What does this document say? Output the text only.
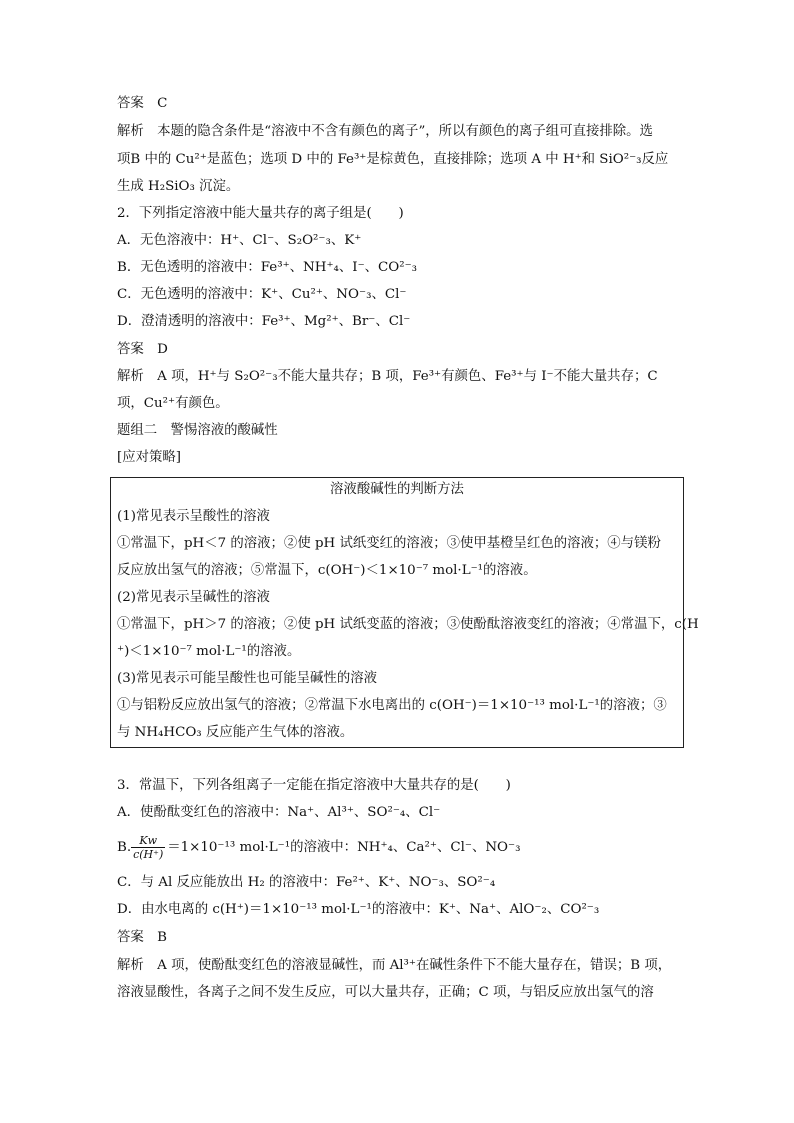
答案　C
解析　本题的隐含条件是“溶液中不含有颜色的离子”，所以有颜色的离子组可直接排除。选
项B 中的 Cu²⁺是蓝色；选项 D 中的 Fe³⁺是棕黄色，直接排除；选项 A 中 H⁺和 SiO²⁻₃反应
生成 H₂SiO₃ 沉淀。
2．下列指定溶液中能大量共存的离子组是(　　)
A．无色溶液中：H⁺、Cl⁻、S₂O²⁻₃、K⁺
B．无色透明的溶液中：Fe³⁺、NH⁺₄、I⁻、CO²⁻₃
C．无色透明的溶液中：K⁺、Cu²⁺、NO⁻₃、Cl⁻
D．澄清透明的溶液中：Fe³⁺、Mg²⁺、Br⁻、Cl⁻
答案　D
解析　A 项，H⁺与 S₂O²⁻₃不能大量共存；B 项，Fe³⁺有颜色、Fe³⁺与 I⁻不能大量共存；C
项，Cu²⁺有颜色。
题组二　警惕溶液的酸碱性
[应对策略]
溶液酸碱性的判断方法
(1)常见表示呈酸性的溶液
①常温下，pH＜7 的溶液；②使 pH 试纸变红的溶液；③使甲基橙呈红色的溶液；④与镁粉
反应放出氢气的溶液；⑤常温下，c(OH⁻)＜1×10⁻⁷ mol·L⁻¹的溶液。
(2)常见表示呈碱性的溶液
①常温下，pH＞7 的溶液；②使 pH 试纸变蓝的溶液；③使酚酞溶液变红的溶液；④常温下，c(H
⁺)＜1×10⁻⁷ mol·L⁻¹的溶液。
(3)常见表示可能呈酸性也可能呈碱性的溶液
①与铝粉反应放出氢气的溶液；②常温下水电离出的 c(OH⁻)＝1×10⁻¹³ mol·L⁻¹的溶液；③
与 NH₄HCO₃ 反应能产生气体的溶液。
3．常温下，下列各组离子一定能在指定溶液中大量共存的是(　　)
A．使酚酞变红色的溶液中：Na⁺、Al³⁺、SO²⁻₄、Cl⁻
B. $\frac{Kw}{c(H^+)} =1\times 10^{-13}$ mol·L⁻¹的溶液中：NH⁺₄、Ca²⁺、Cl⁻、NO⁻₃
C．与 Al 反应能放出 H₂ 的溶液中：Fe²⁺、K⁺、NO⁻₃、SO²⁻₄
D．由水电离的 c(H⁺)＝1×10⁻¹³ mol·L⁻¹的溶液中：K⁺、Na⁺、AlO⁻₂、CO²⁻₃
答案　B
解析　A 项，使酚酞变红色的溶液显碱性，而 Al³⁺在碱性条件下不能大量存在，错误；B 项，
溶液显酸性，各离子之间不发生反应，可以大量共存，正确；C 项，与铝反应放出氢气的溶
